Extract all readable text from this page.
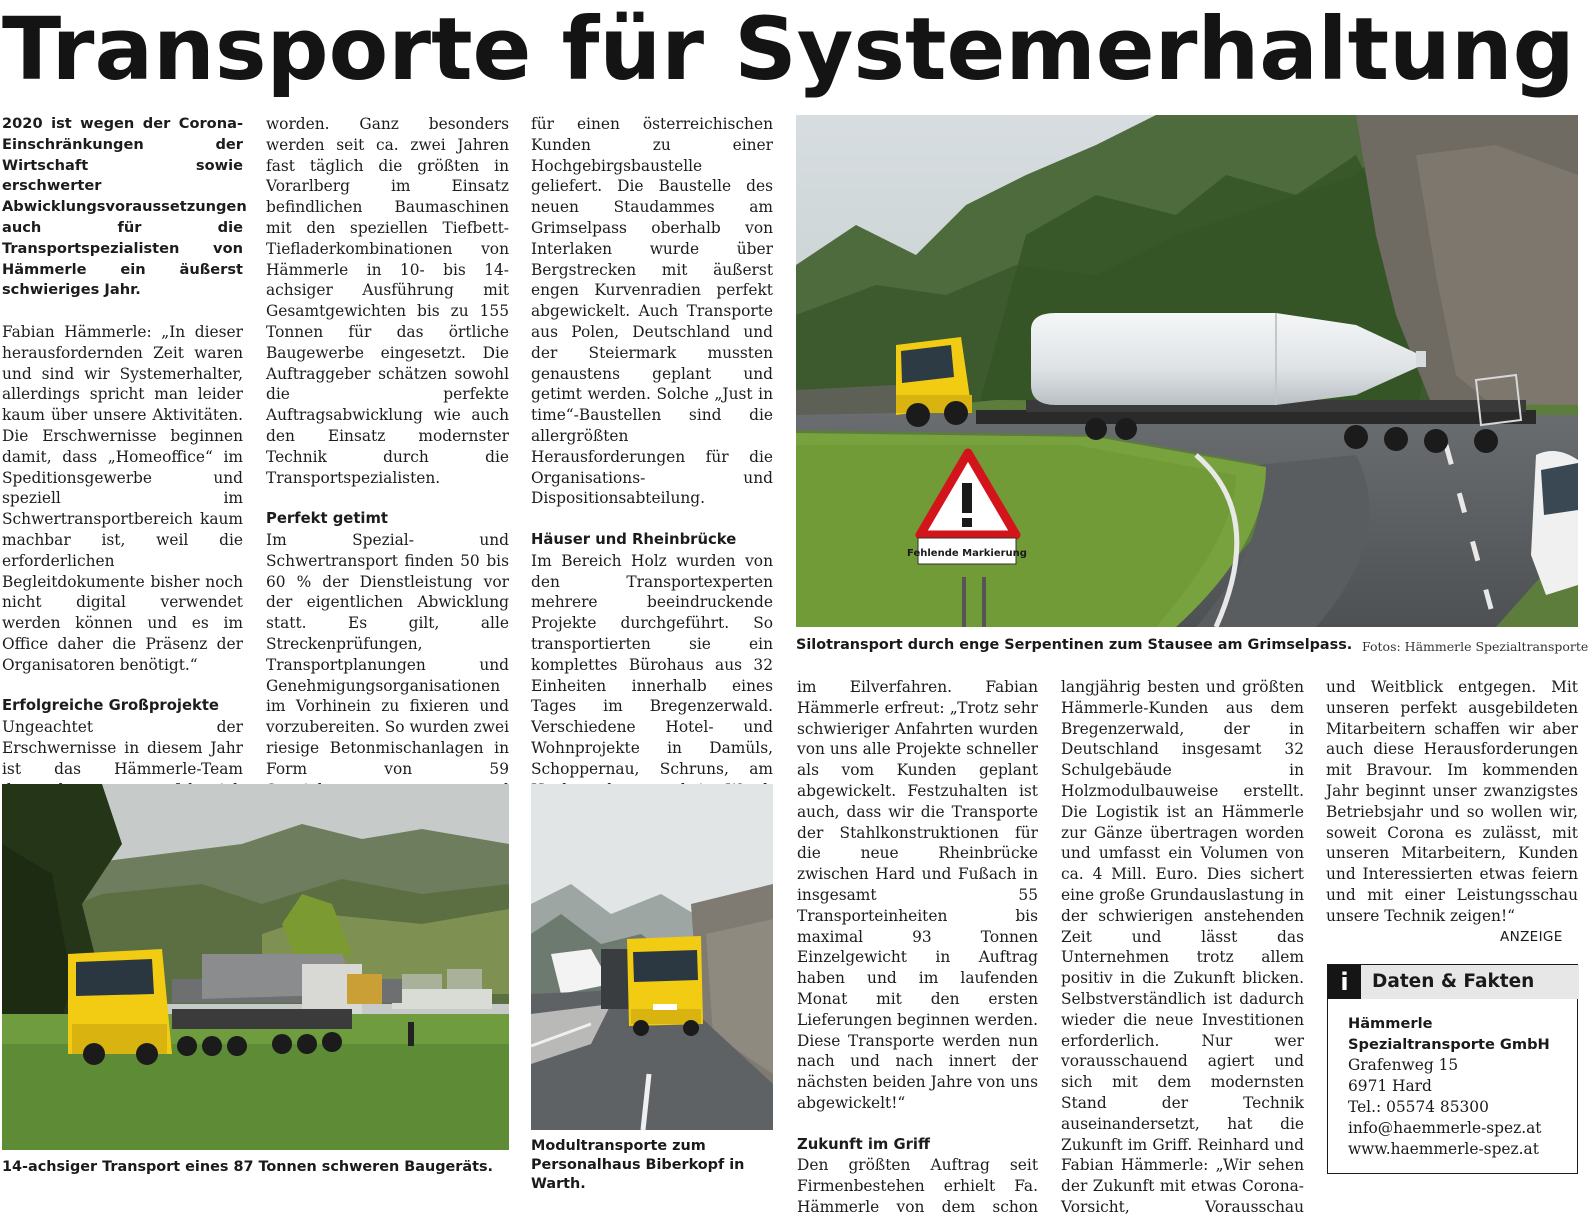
Transporte für Systemerhaltung

2020 ist wegen der Corona-Einschränkungen der Wirtschaft sowie erschwerter Abwicklungsvoraussetzungen auch für die Transportspezialisten von Hämmerle ein äußerst schwieriges Jahr.

Fabian Hämmerle: „In dieser herausfordernden Zeit waren und sind wir Systemerhalter, allerdings spricht man leider kaum über unsere Aktivitäten. Die Erschwernisse beginnen damit, dass „Homeoffice“ im Speditionsgewerbe und speziell im Schwertransportbereich kaum machbar ist, weil die erforderlichen Begleitdokumente bisher noch nicht digital verwendet werden können und es im Office daher die Präsenz der Organisatoren benötigt.“

Erfolgreiche Großprojekte

Ungeachtet der Erschwernisse in diesem Jahr ist das Hämmerle-Team

worden. Ganz besonders werden seit ca. zwei Jahren fast täglich die größten in Vorarlberg im Einsatz befindlichen Baumaschinen mit den speziellen Tiefbett-Tiefladerkombinationen von Hämmerle in 10- bis 14-achsiger Ausführung mit Gesamtgewichten bis zu 155 Tonnen für das örtliche Baugewerbe eingesetzt. Die Auftraggeber schätzen sowohl die perfekte Auftragsabwicklung wie auch den Einsatz modernster Technik durch die Transportspezialisten.

Perfekt getimt

Im Spezial- und Schwertransport finden 50 bis 60 % der Dienstleistung vor der eigentlichen Abwicklung statt. Es gilt, alle Streckenprüfungen, Transportplanungen und Genehmigungsorganisationen im Vorhinein zu fixieren und vorzubereiten. So wurden zwei riesige Betonmischanlagen in Form von 59

für einen österreichischen Kunden zu einer Hochgebirgsbaustelle geliefert. Die Baustelle des neuen Staudammes am Grimselpass oberhalb von Interlaken wurde über Bergstrecken mit äußerst engen Kurvenradien perfekt abgewickelt. Auch Transporte aus Polen, Deutschland und der Steiermark mussten genaustens geplant und getimt werden. Solche „Just in time“-Baustellen sind die allergrößten Herausforderungen für die Organisations- und Dispositionsabteilung.

Häuser und Rheinbrücke

Im Bereich Holz wurden von den Transportexperten mehrere beeindruckende Projekte durchgeführt. So transportierten sie ein komplettes Bürohaus aus 32 Einheiten innerhalb eines Tages im Bregenzerwald. Verschiedene Hotel- und Wohnprojekte in Damüls, Schoppernau, Schruns, am

Fehlende Markierung
Silotransport durch enge Serpentinen zum Stausee am Grimselpass. Fotos: Hämmerle Spezialtransporte

im Eilverfahren. Fabian Hämmerle erfreut: „Trotz sehr schwieriger Anfahrten wurden von uns alle Projekte schneller als vom Kunden geplant abgewickelt. Festzuhalten ist auch, dass wir die Transporte der Stahlkonstruktionen für die neue Rheinbrücke zwischen Hard und Fußach in insgesamt 55 Transporteinheiten bis maximal 93 Tonnen Einzelgewicht in Auftrag haben und im laufenden Monat mit den ersten Lieferungen beginnen werden. Diese Transporte werden nun nach und nach innert der nächsten beiden Jahre von uns abgewickelt!“

Zukunft im Griff

Den größten Auftrag seit Firmenbestehen erhielt Fa. Hämmerle von dem schon

langjährig besten und größten Hämmerle-Kunden aus dem Bregenzerwald, der in Deutschland insgesamt 32 Schulgebäude in Holzmodulbauweise erstellt. Die Logistik ist an Hämmerle zur Gänze übertragen worden und umfasst ein Volumen von ca. 4 Mill. Euro. Dies sichert eine große Grundauslastung in der schwierigen anstehenden Zeit und lässt das Unternehmen trotz allem positiv in die Zukunft blicken. Selbstverständlich ist dadurch wieder die neue Investitionen erforderlich. Nur wer vorausschauend agiert und sich mit dem modernsten Stand der Technik auseinandersetzt, hat die Zukunft im Griff. Reinhard und Fabian Hämmerle: „Wir sehen der Zukunft mit etwas Corona-Vorsicht, Vorausschau

und Weitblick entgegen. Mit unseren perfekt ausgebildeten Mitarbeitern schaffen wir aber auch diese Herausforderungen mit Bravour. Im kommenden Jahr beginnt unser zwanzigstes Betriebsjahr und so wollen wir, soweit Corona es zulässt, mit unseren Mitarbeitern, Kunden und Interessierten etwas feiern und mit einer Leistungsschau unsere Technik zeigen!“

ANZEIGE
i	Daten & Fakten
Hämmerle
Spezialtransporte GmbH
Grafenweg 15
6971 Hard
Tel.: 05574 85300
info@haemmerle-spez.at
www.haemmerle-spez.at
14-achsiger Transport eines 87 Tonnen schweren Baugeräts.
Modultransporte zum Personalhaus Biberkopf in Warth.
